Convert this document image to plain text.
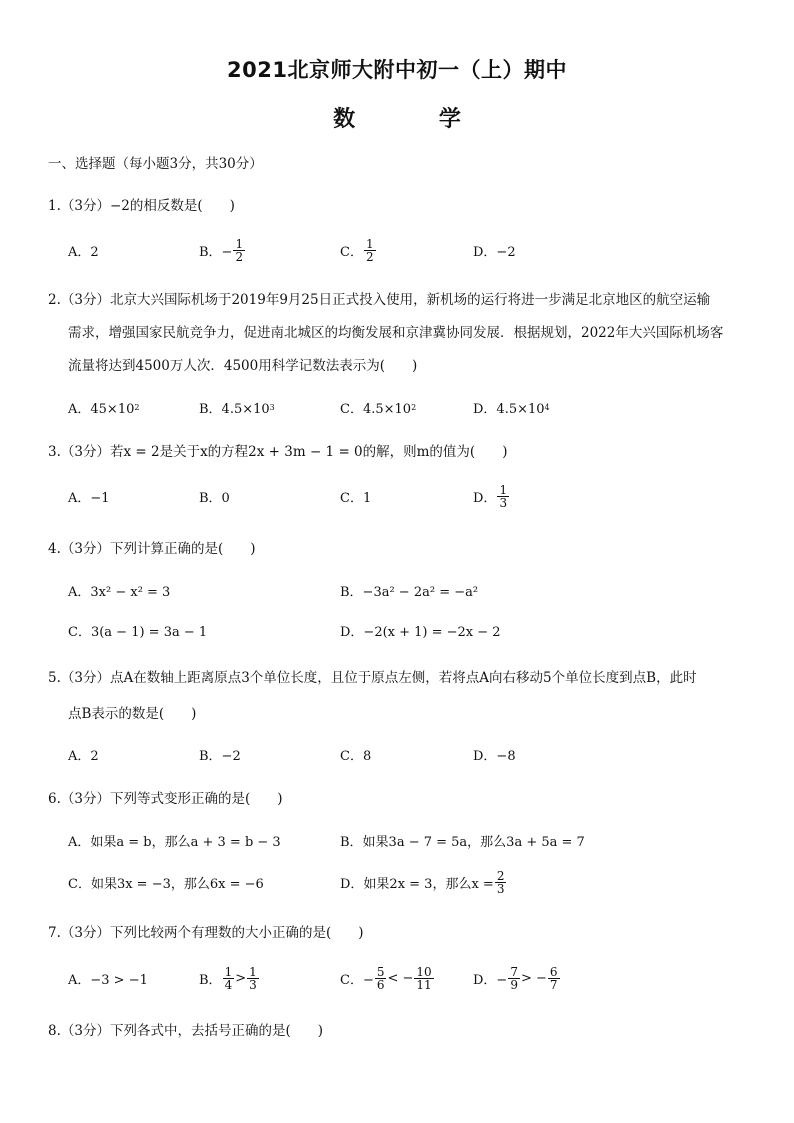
2021北京师大附中初一（上）期中
数 学
一、选择题（每小题3分，共30分）
1.（3分）−2的相反数是(　　)
A．2	B．− $\frac{1}{2}$	C． $\frac{1}{2}$	D．−2
2.（3分）北京大兴国际机场于2019年9月25日正式投入使用，新机场的运行将进一步满足北京地区的航空运输
需求，增强国家民航竞争力，促进南北城区的均衡发展和京津冀协同发展．根据规划，2022年大兴国际机场客
流量将达到4500万人次．4500用科学记数法表示为(　　)
A．45×10 2	B．4.5×10 3	C．4.5×10 2	D．4.5×10 4
3.（3分）若x = 2是关于x的方程2x + 3m − 1 = 0的解，则m的值为(　　)
A．−1	B．0	C．1	D． $\frac{1}{3}$
4.（3分）下列计算正确的是(　　)
A．3x² − x² = 3	B．−3a² − 2a² = −a²
C．3(a − 1) = 3a − 1	D．−2(x + 1) = −2x − 2
5.（3分）点A在数轴上距离原点3个单位长度，且位于原点左侧，若将点A向右移动5个单位长度到点B，此时
点B表示的数是(　　)
A．2	B．−2	C．8	D．−8
6.（3分）下列等式变形正确的是(　　)
A．如果a = b，那么a + 3 = b − 3	B．如果3a − 7 = 5a，那么3a + 5a = 7
C．如果3x = −3，那么6x = −6	D．如果2x = 3，那么$x = \frac{2}{3}$
7.（3分）下列比较两个有理数的大小正确的是(　　)
A．−3 > −1	B． $\frac{1}{4} > \frac{1}{3}$	C．− $\frac{5}{6}$ < − $\frac{10}{11}$	D．− $\frac{7}{9}$ > − $\frac{6}{7}$
8.（3分）下列各式中，去括号正确的是(　　)
